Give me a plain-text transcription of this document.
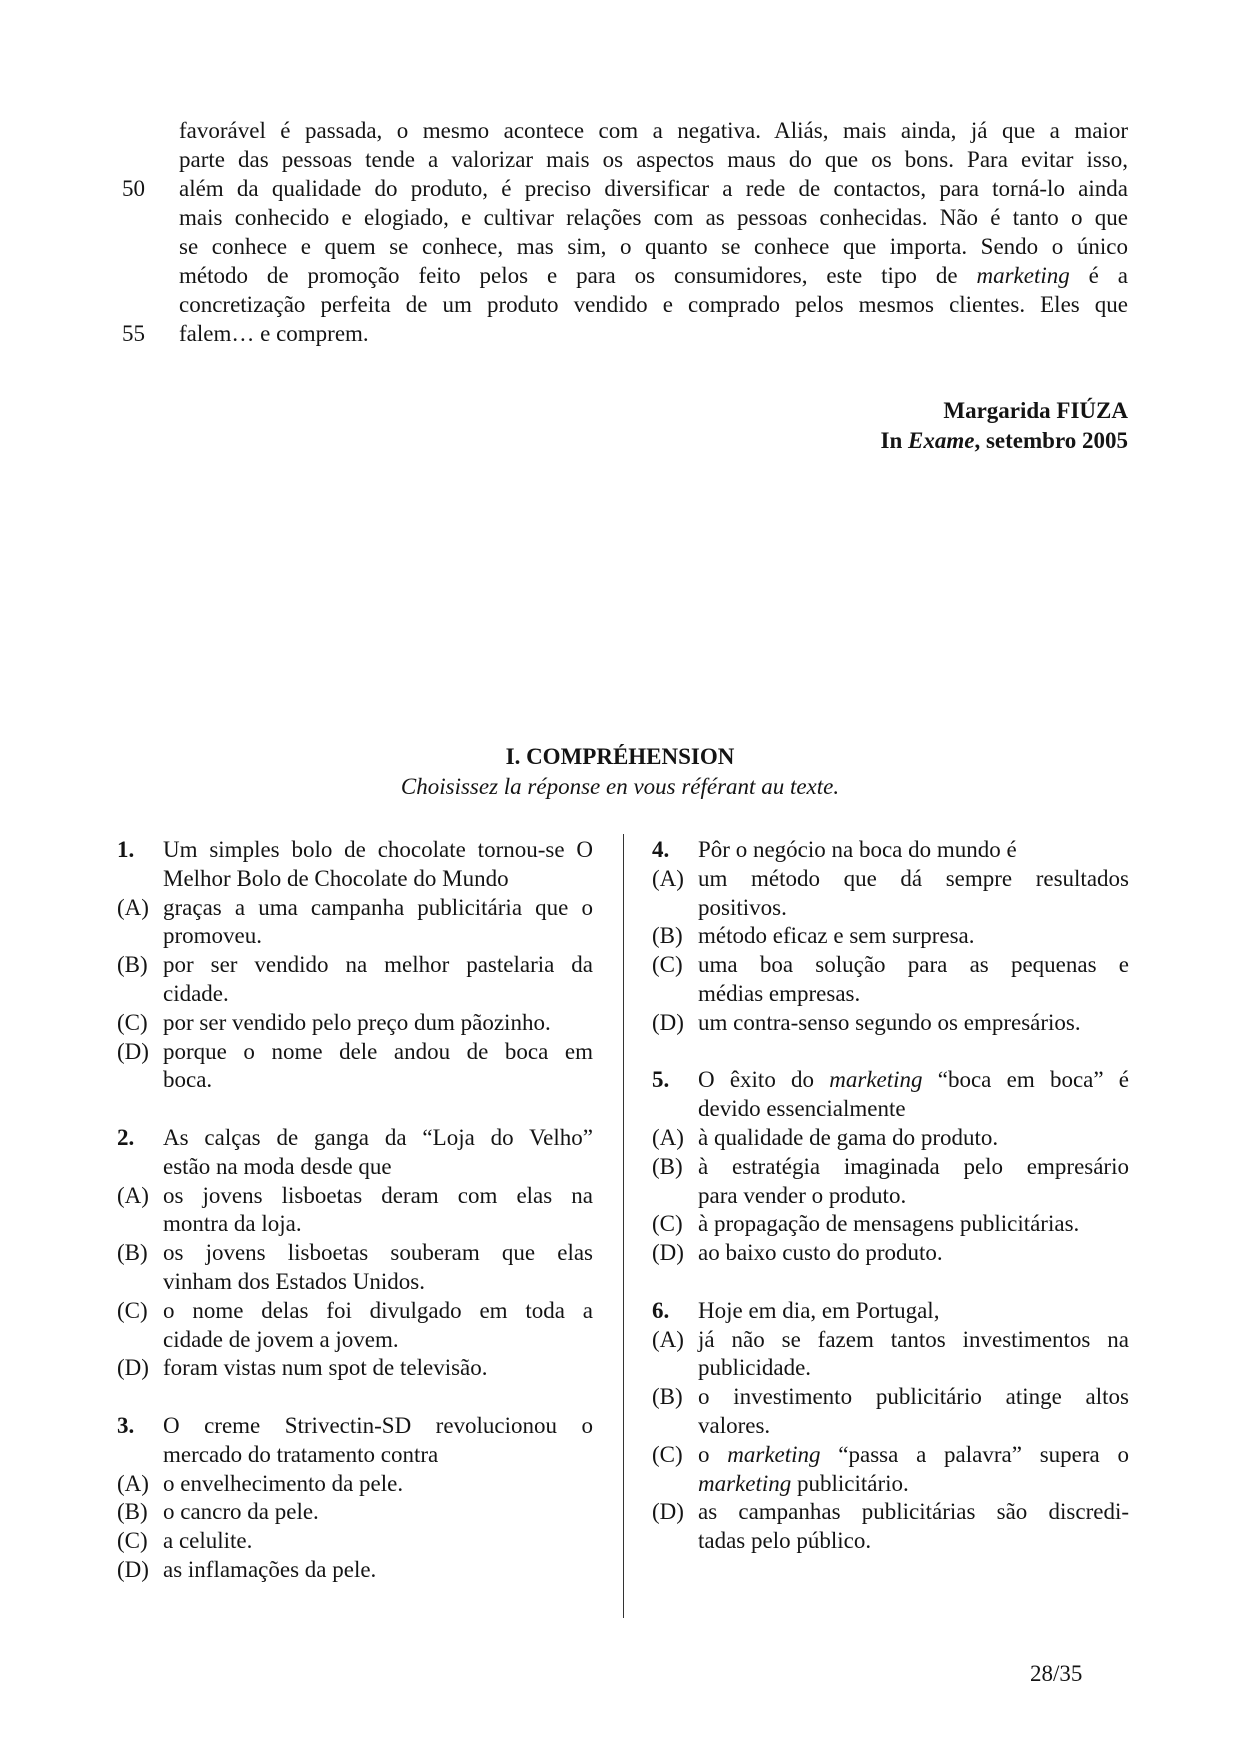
favorável é passada, o mesmo acontece com a negativa. Aliás, mais ainda, já que a maior
parte das pessoas tende a valorizar mais os aspectos maus do que os bons. Para evitar isso,
50	além da qualidade do produto, é preciso diversificar a rede de contactos, para torná-lo ainda
mais conhecido e elogiado, e cultivar relações com as pessoas conhecidas. Não é tanto o que
se conhece e quem se conhece, mas sim, o quanto se conhece que importa. Sendo o único
método de promoção feito pelos e para os consumidores, este tipo de marketing é a
concretização perfeita de um produto vendido e comprado pelos mesmos clientes. Eles que
55	falem… e comprem.
Margarida FIÚZA
In Exame, setembro 2005
I. COMPRÉHENSION
Choisissez la réponse en vous référant au texte.
1.	Um simples bolo de chocolate tornou-se O
Melhor Bolo de Chocolate do Mundo
(A) graças a uma campanha publicitária que o
promoveu.
(B) por ser vendido na melhor pastelaria da
cidade.
(C) por ser vendido pelo preço dum pãozinho.
(D) porque o nome dele andou de boca em
boca.
2.	As calças de ganga da “Loja do Velho”
estão na moda desde que
(A) os jovens lisboetas deram com elas na
montra da loja.
(B) os jovens lisboetas souberam que elas
vinham dos Estados Unidos.
(C) o nome delas foi divulgado em toda a
cidade de jovem a jovem.
(D) foram vistas num spot de televisão.
3.	O creme Strivectin-SD revolucionou o
mercado do tratamento contra
(A) o envelhecimento da pele.
(B) o cancro da pele.
(C) a celulite.
(D) as inflamações da pele.
4.	Pôr o negócio na boca do mundo é
(A) um método que dá sempre resultados
positivos.
(B) método eficaz e sem surpresa.
(C) uma boa solução para as pequenas e
médias empresas.
(D) um contra-senso segundo os empresários.
5.	O êxito do marketing “boca em boca” é
devido essencialmente
(A) à qualidade de gama do produto.
(B) à estratégia imaginada pelo empresário
para vender o produto.
(C) à propagação de mensagens publicitárias.
(D) ao baixo custo do produto.
6.	Hoje em dia, em Portugal,
(A) já não se fazem tantos investimentos na
publicidade.
(B) o investimento publicitário atinge altos
valores.
(C) o marketing “passa a palavra” supera o
marketing publicitário.
(D) as campanhas publicitárias são discredi-
tadas pelo público.
28/35
